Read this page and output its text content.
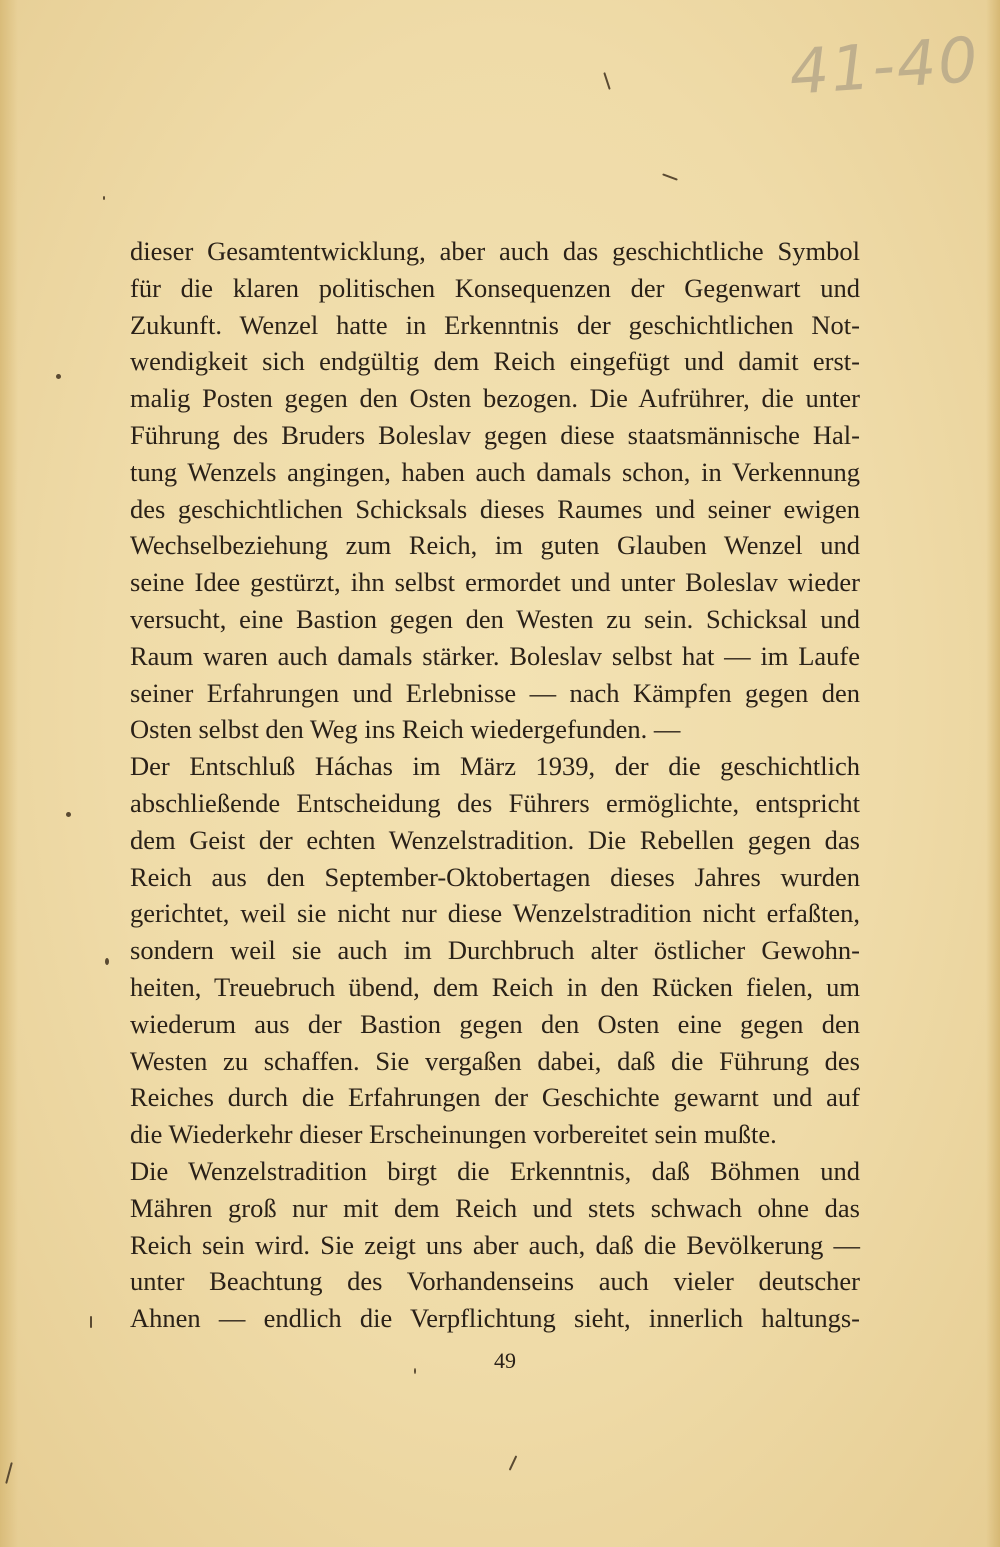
41-40

dieser Gesamtentwicklung, aber auch das geschichtliche Symbol
für die klaren politischen Konsequenzen der Gegenwart und
Zukunft. Wenzel hatte in Erkenntnis der geschichtlichen Not-
wendigkeit sich endgültig dem Reich eingefügt und damit erst-
malig Posten gegen den Osten bezogen. Die Aufrührer, die unter
Führung des Bruders Boleslav gegen diese staatsmännische Hal-
tung Wenzels angingen, haben auch damals schon, in Verkennung
des geschichtlichen Schicksals dieses Raumes und seiner ewigen
Wechselbeziehung zum Reich, im guten Glauben Wenzel und
seine Idee gestürzt, ihn selbst ermordet und unter Boleslav wieder
versucht, eine Bastion gegen den Westen zu sein. Schicksal und
Raum waren auch damals stärker. Boleslav selbst hat — im Laufe
seiner Erfahrungen und Erlebnisse — nach Kämpfen gegen den
Osten selbst den Weg ins Reich wiedergefunden. —
Der Entschluß Háchas im März 1939, der die geschichtlich
abschließende Entscheidung des Führers ermöglichte, entspricht
dem Geist der echten Wenzelstradition. Die Rebellen gegen das
Reich aus den September-Oktobertagen dieses Jahres wurden
gerichtet, weil sie nicht nur diese Wenzelstradition nicht erfaßten,
sondern weil sie auch im Durchbruch alter östlicher Gewohn-
heiten, Treuebruch übend, dem Reich in den Rücken fielen, um
wiederum aus der Bastion gegen den Osten eine gegen den
Westen zu schaffen. Sie vergaßen dabei, daß die Führung des
Reiches durch die Erfahrungen der Geschichte gewarnt und auf
die Wiederkehr dieser Erscheinungen vorbereitet sein mußte.
Die Wenzelstradition birgt die Erkenntnis, daß Böhmen und
Mähren groß nur mit dem Reich und stets schwach ohne das
Reich sein wird. Sie zeigt uns aber auch, daß die Bevölkerung —
unter Beachtung des Vorhandenseins auch vieler deutscher
Ahnen — endlich die Verpflichtung sieht, innerlich haltungs-

49
